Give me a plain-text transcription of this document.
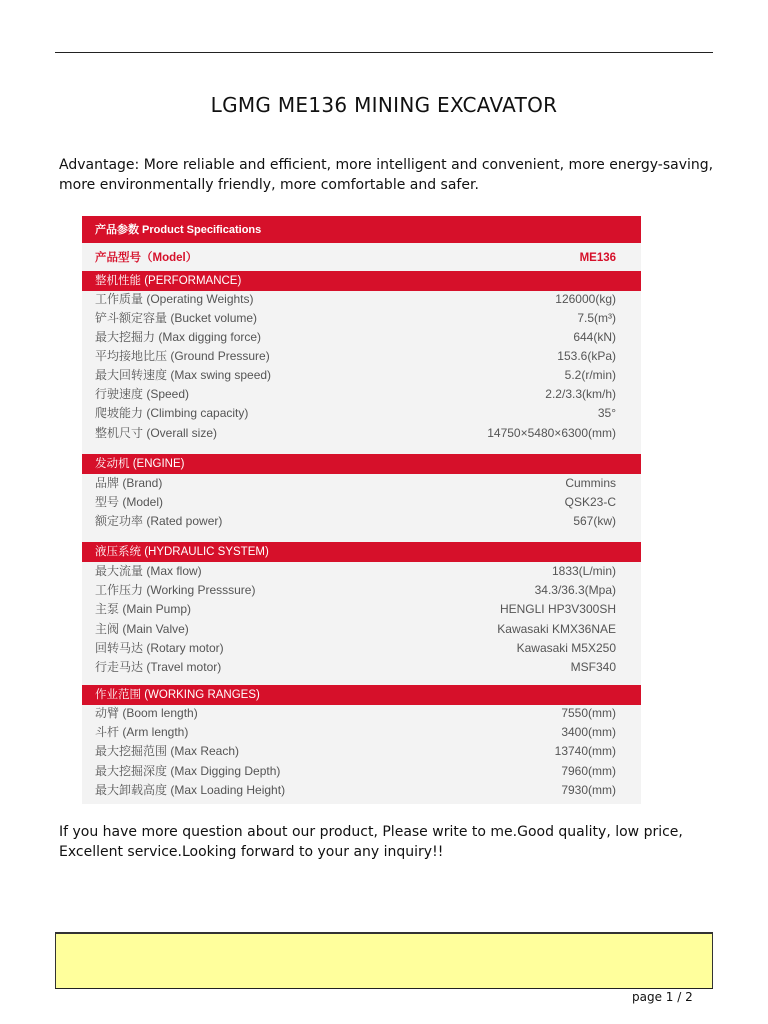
LGMG ME136 MINING EXCAVATOR
Advantage: More reliable and efficient, more intelligent and convenient, more energy-saving, more environmentally friendly, more comfortable and safer.
产品参数 Product Specifications
产品型号（Model）	ME136
整机性能 (PERFORMANCE)
工作质量 (Operating Weights)	126000(kg)
铲斗额定容量 (Bucket volume)	7.5(m³)
最大挖掘力 (Max digging force)	644(kN)
平均接地比压 (Ground Pressure)	153.6(kPa)
最大回转速度 (Max swing speed)	5.2(r/min)
行驶速度 (Speed)	2.2/3.3(km/h)
爬坡能力 (Climbing capacity)	35°
整机尺寸 (Overall size)	14750×5480×6300(mm)
发动机 (ENGINE)
品牌 (Brand)	Cummins
型号 (Model)	QSK23-C
额定功率 (Rated power)	567(kw)
液压系统 (HYDRAULIC SYSTEM)
最大流量 (Max flow)	1833(L/min)
工作压力 (Working Presssure)	34.3/36.3(Mpa)
主泵 (Main Pump)	HENGLI HP3V300SH
主阀 (Main Valve)	Kawasaki KMX36NAE
回转马达 (Rotary motor)	Kawasaki M5X250
行走马达 (Travel motor)	MSF340
作业范围 (WORKING RANGES)
动臂 (Boom length)	7550(mm)
斗杆 (Arm length)	3400(mm)
最大挖掘范围 (Max Reach)	13740(mm)
最大挖掘深度 (Max Digging Depth)	7960(mm)
最大卸载高度 (Max Loading Height)	7930(mm)
If you have more question about our product, Please write to me.Good quality, low price, Excellent service.Looking forward to your any inquiry!!
page 1 / 2
